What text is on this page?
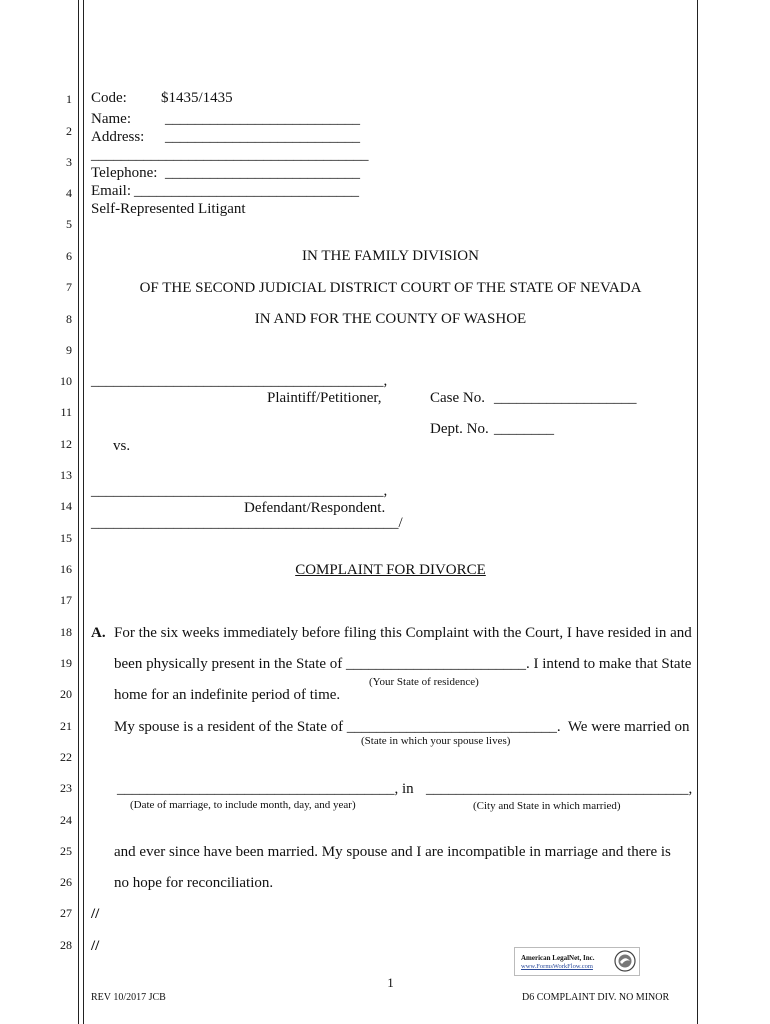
1
2
3
4
5
6
7
8
9
10
11
12
13
14
15
16
17
18
19
20
21
22
23
24
25
26
27
28
Code: $1435/1435
Name: __________________________
Address: __________________________
_____________________________________
Telephone: __________________________
Email: ______________________________
Self-Represented Litigant
IN THE FAMILY DIVISION
OF THE SECOND JUDICIAL DISTRICT COURT OF THE STATE OF NEVADA
IN AND FOR THE COUNTY OF WASHOE
_______________________________________,
Plaintiff/Petitioner,	Case No. ___________________
Dept. No. ________
vs.
_______________________________________,
Defendant/Respondent.
_________________________________________/
COMPLAINT FOR DIVORCE
A. For the six weeks immediately before filing this Complaint with the Court, I have resided in and
been physically present in the State of ________________________. I intend to make that State
(Your State of residence)
home for an indefinite period of time.
My spouse is a resident of the State of ____________________________.  We were married on
(State in which your spouse lives)
_____________________________________, in ___________________________________,
(Date of marriage, to include month, day, and year)	(City and State in which married)
and ever since have been married. My spouse and I are incompatible in marriage and there is
no hope for reconciliation.
//
//
American LegalNet, Inc.
www.FormsWorkFlow.com
1
REV 10/2017 JCB	D6 COMPLAINT DIV. NO MINOR
